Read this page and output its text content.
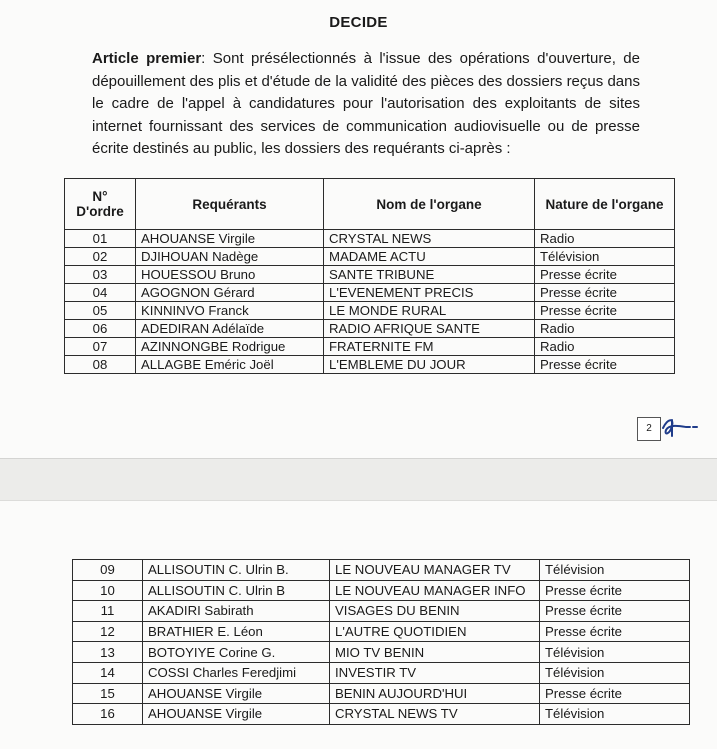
DECIDE
Article premier: Sont présélectionnés à l'issue des opérations d'ouverture, de dépouillement des plis et d'étude de la validité des pièces des dossiers reçus dans le cadre de l'appel à candidatures pour l'autorisation des exploitants de sites internet fournissant des services de communication audiovisuelle ou de presse écrite destinés au public, les dossiers des requérants ci-après :
N°
D'ordre	Requérants	Nom de l'organe	Nature de l'organe
01	AHOUANSE Virgile	CRYSTAL NEWS	Radio
02	DJIHOUAN Nadège	MADAME ACTU	Télévision
03	HOUESSOU Bruno	SANTE TRIBUNE	Presse écrite
04	AGOGNON Gérard	L'EVENEMENT PRECIS	Presse écrite
05	KINNINVO Franck	LE MONDE RURAL	Presse écrite
06	ADEDIRAN Adélaïde	RADIO AFRIQUE SANTE	Radio
07	AZINNONGBE Rodrigue	FRATERNITE FM	Radio
08	ALLAGBE Eméric Joël	L'EMBLEME DU JOUR	Presse écrite
2
09	ALLISOUTIN C. Ulrin B.	LE NOUVEAU MANAGER TV	Télévision
10	ALLISOUTIN C. Ulrin B	LE NOUVEAU MANAGER INFO	Presse écrite
11	AKADIRI Sabirath	VISAGES DU BENIN	Presse écrite
12	BRATHIER E. Léon	L'AUTRE QUOTIDIEN	Presse écrite
13	BOTOYIYE Corine G.	MIO TV BENIN	Télévision
14	COSSI Charles Feredjimi	INVESTIR TV	Télévision
15	AHOUANSE Virgile	BENIN AUJOURD'HUI	Presse écrite
16	AHOUANSE Virgile	CRYSTAL NEWS TV	Télévision
